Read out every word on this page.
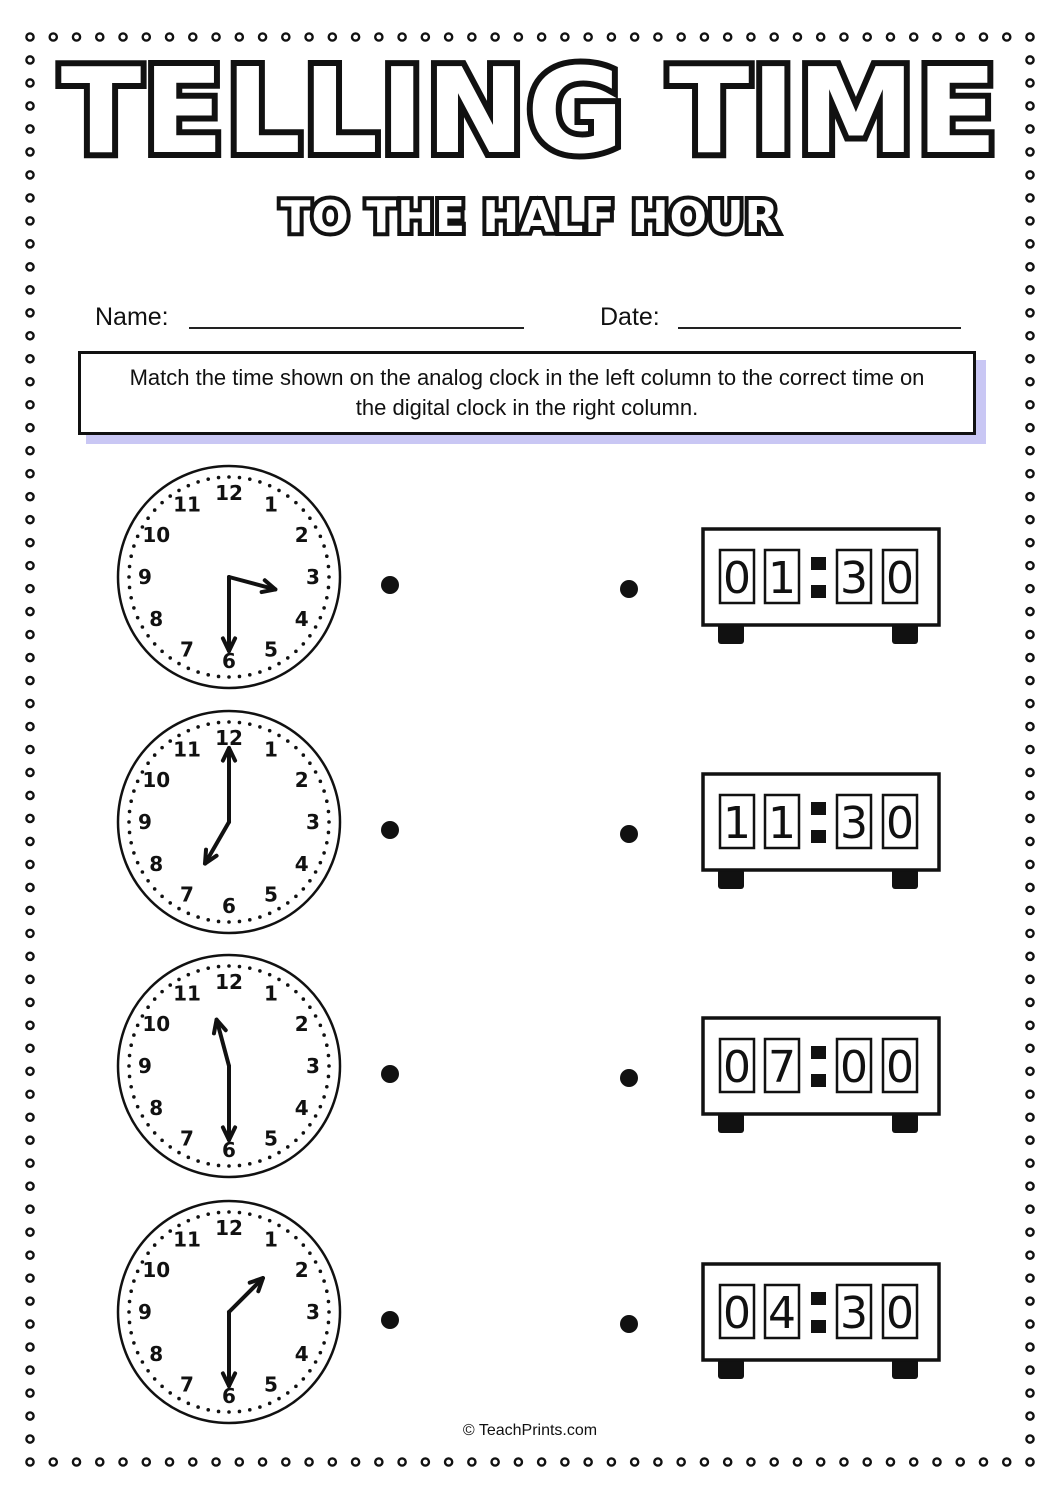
TELLING TIME
TO THE HALF HOUR
Name:	Date:
Match the time shown on the analog clock in the left column to the correct time on the digital clock in the right column.
12 1
2
3
4
5
6
7
8
9
10
11
12 1
2
3
4
5
6
7
8
9
10
11
12 1
2
3
4
5
6
7
8
9
10
11
12 1
2
3
4
5
6
7
8
9
10
11
0 1 3 0
1 1 3 0
0 7 0 0
0 4 3 0
© TeachPrints.com
